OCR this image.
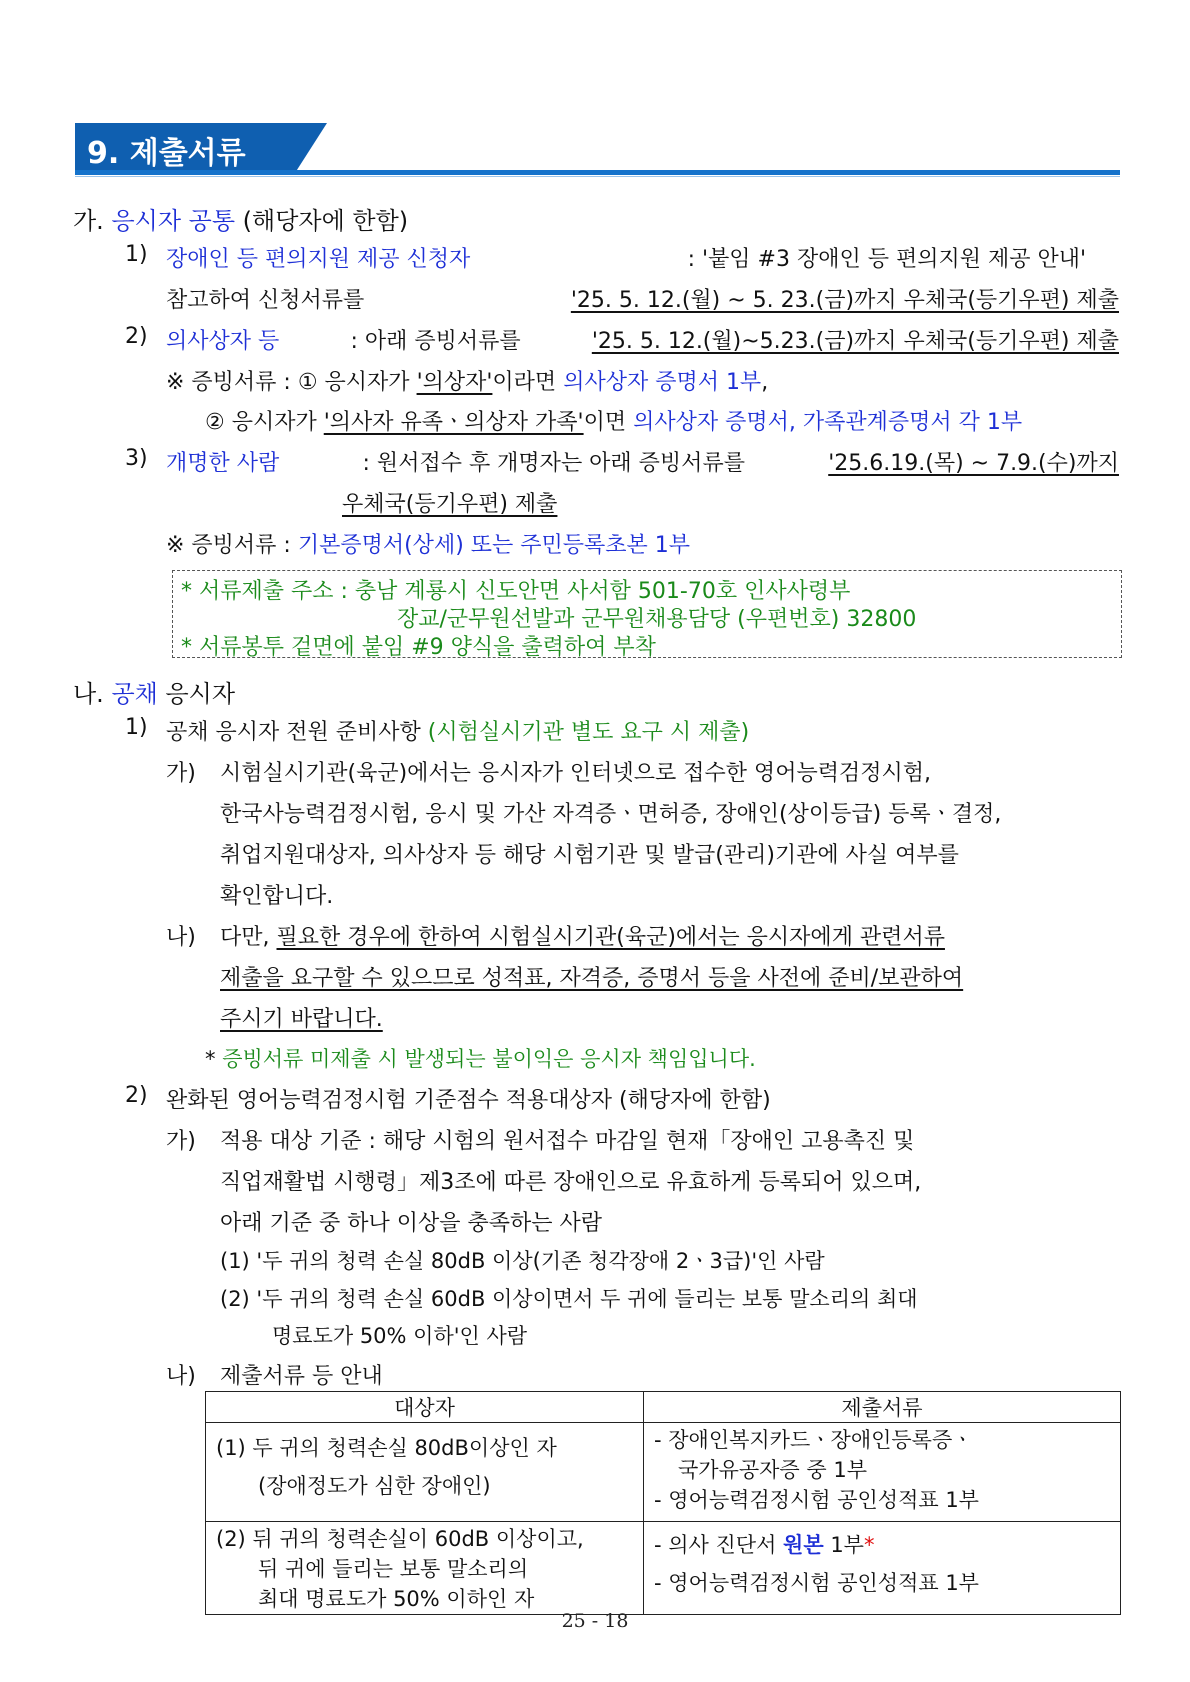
9. 제출서류
가. 응시자 공통 (해당자에 한함)
1) 장애인 등 편의지원 제공 신청자	: '붙임 #3 장애인 등 편의지원 제공 안내'
참고하여 신청서류를	'25. 5. 12.(월) ~ 5. 23.(금)까지 우체국(등기우편) 제출
2) 의사상자 등	: 아래 증빙서류를	'25. 5. 12.(월)~5.23.(금)까지 우체국(등기우편) 제출
※ 증빙서류 : ① 응시자가 '의상자'이라면 의사상자 증명서 1부,
② 응시자가 '의사자 유족ㆍ의상자 가족'이면 의사상자 증명서, 가족관계증명서 각 1부
3) 개명한 사람	: 원서접수 후 개명자는 아래 증빙서류를	'25.6.19.(목) ~ 7.9.(수)까지
우체국(등기우편) 제출
※ 증빙서류 : 기본증명서(상세) 또는 주민등록초본 1부
* 서류제출 주소 : 충남 계룡시 신도안면 사서함 501-70호 인사사령부
장교/군무원선발과 군무원채용담당 (우편번호) 32800
* 서류봉투 겉면에 붙임 #9 양식을 출력하여 부착
나. 공채 응시자
1) 공채 응시자 전원 준비사항 (시험실시기관 별도 요구 시 제출)
가) 시험실시기관(육군)에서는 응시자가 인터넷으로 접수한 영어능력검정시험,
한국사능력검정시험, 응시 및 가산 자격증ㆍ면허증, 장애인(상이등급) 등록ㆍ결정,
취업지원대상자, 의사상자 등 해당 시험기관 및 발급(관리)기관에 사실 여부를
확인합니다.
나) 다만, 필요한 경우에 한하여 시험실시기관(육군)에서는 응시자에게 관련서류
제출을 요구할 수 있으므로 성적표, 자격증, 증명서 등을 사전에 준비/보관하여
주시기 바랍니다.
* 증빙서류 미제출 시 발생되는 불이익은 응시자 책임입니다.
2) 완화된 영어능력검정시험 기준점수 적용대상자 (해당자에 한함)
가) 적용 대상 기준 : 해당 시험의 원서접수 마감일 현재「장애인 고용촉진 및
직업재활법 시행령」제3조에 따른 장애인으로 유효하게 등록되어 있으며,
아래 기준 중 하나 이상을 충족하는 사람
(1) '두 귀의 청력 손실 80dB 이상(기존 청각장애 2ㆍ3급)'인 사람
(2) '두 귀의 청력 손실 60dB 이상이면서 두 귀에 들리는 보통 말소리의 최대
명료도가 50% 이하'인 사람
나) 제출서류 등 안내
대상자	제출서류

(1) 두 귀의 청력손실 80dB이상인 자
(장애정도가 심한 장애인)	- 장애인복지카드ㆍ장애인등록증ㆍ
국가유공자증 중 1부
- 영어능력검정시험 공인성적표 1부

(2) 뒤 귀의 청력손실이 60dB 이상이고,
뒤 귀에 들리는 보통 말소리의
최대 명료도가 50% 이하인 자	- 의사 진단서 원본 1부*
- 영어능력검정시험 공인성적표 1부
25 - 18
